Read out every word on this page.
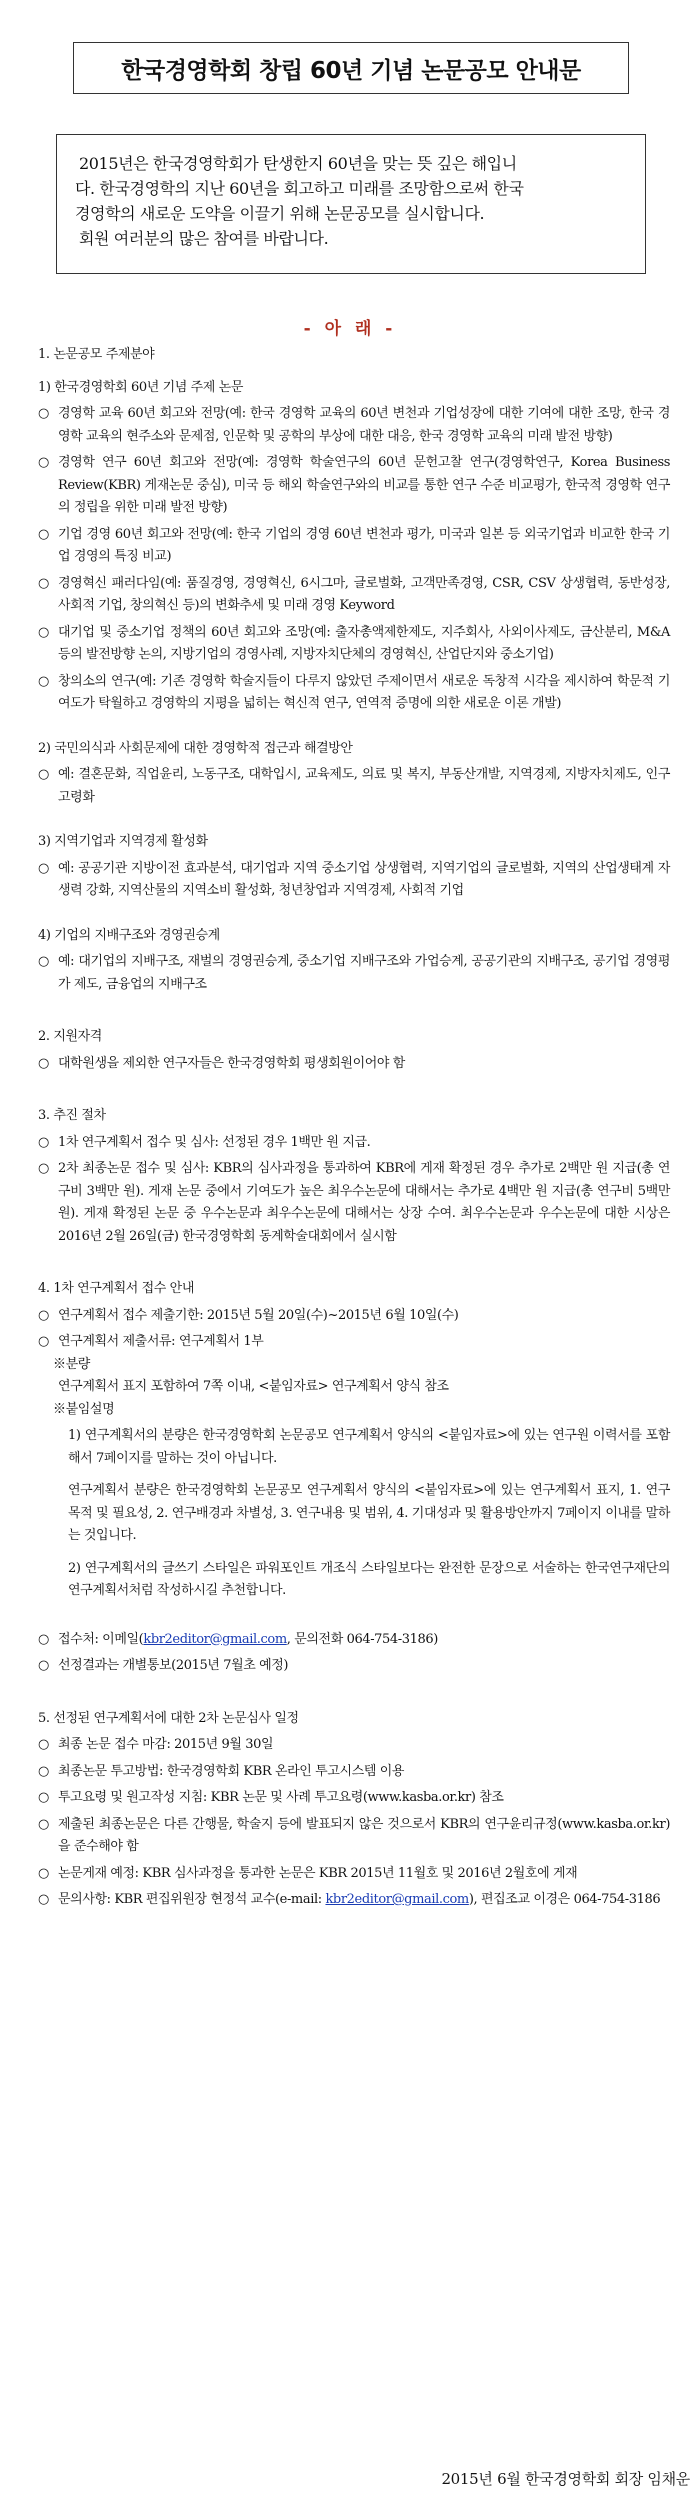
한국경영학회 창립 60년 기념 논문공모 안내문

2015년은 한국경영학회가 탄생한지 60년을 맞는 뜻 깊은 해입니

다. 한국경영학의 지난 60년을 회고하고 미래를 조망함으로써 한국

경영학의 새로운 도약을 이끌기 위해 논문공모를 실시합니다.

회원 여러분의 많은 참여를 바랍니다.

- 아 래 -

1. 논문공모 주제분야

1) 한국경영학회 60년 기념 주제 논문

○ 경영학 교육 60년 회고와 전망(예: 한국 경영학 교육의 60년 변천과 기업성장에 대한 기여에 대한 조망, 한국 경영학 교육의 현주소와 문제점, 인문학 및 공학의 부상에 대한 대응, 한국 경영학 교육의 미래 발전 방향)
○ 경영학 연구 60년 회고와 전망(예: 경영학 학술연구의 60년 문헌고찰 연구(경영학연구, Korea Business Review(KBR) 게재논문 중심), 미국 등 해외 학술연구와의 비교를 통한 연구 수준 비교평가, 한국적 경영학 연구의 정립을 위한 미래 발전 방향)
○ 기업 경영 60년 회고와 전망(예: 한국 기업의 경영 60년 변천과 평가, 미국과 일본 등 외국기업과 비교한 한국 기업 경영의 특징 비교)
○ 경영혁신 패러다임(예: 품질경영, 경영혁신, 6시그마, 글로벌화, 고객만족경영, CSR, CSV 상생협력, 동반성장, 사회적 기업, 창의혁신 등)의 변화추세 및 미래 경영 Keyword
○ 대기업 및 중소기업 정책의 60년 회고와 조망(예: 출자총액제한제도, 지주회사, 사외이사제도, 금산분리, M&A 등의 발전방향 논의, 지방기업의 경영사례, 지방자치단체의 경영혁신, 산업단지와 중소기업)
○ 창의소의 연구(예: 기존 경영학 학술지들이 다루지 않았던 주제이면서 새로운 독창적 시각을 제시하여 학문적 기여도가 탁월하고 경영학의 지평을 넓히는 혁신적 연구, 연역적 증명에 의한 새로운 이론 개발)

2) 국민의식과 사회문제에 대한 경영학적 접근과 해결방안

○ 예: 결혼문화, 직업윤리, 노동구조, 대학입시, 교육제도, 의료 및 복지, 부동산개발, 지역경제, 지방자치제도, 인구고령화

3) 지역기업과 지역경제 활성화

○ 예: 공공기관 지방이전 효과분석, 대기업과 지역 중소기업 상생협력, 지역기업의 글로벌화, 지역의 산업생태계 자생력 강화, 지역산물의 지역소비 활성화, 청년창업과 지역경제, 사회적 기업

4) 기업의 지배구조와 경영권승계

○ 예: 대기업의 지배구조, 재벌의 경영권승계, 중소기업 지배구조와 가업승계, 공공기관의 지배구조, 공기업 경영평가 제도, 금융업의 지배구조

2. 지원자격

○ 대학원생을 제외한 연구자들은 한국경영학회 평생회원이어야 함

3. 추진 절차

○ 1차 연구계획서 접수 및 심사: 선정된 경우 1백만 원 지급.
○ 2차 최종논문 접수 및 심사: KBR의 심사과정을 통과하여 KBR에 게재 확정된 경우 추가로 2백만 원 지급(총 연구비 3백만 원). 게재 논문 중에서 기여도가 높은 최우수논문에 대해서는 추가로 4백만 원 지급(총 연구비 5백만 원). 게재 확정된 논문 중 우수논문과 최우수논문에 대해서는 상장 수여. 최우수논문과 우수논문에 대한 시상은 2016년 2월 26일(금) 한국경영학회 동계학술대회에서 실시함

4. 1차 연구계획서 접수 안내

○ 연구계획서 접수 제출기한: 2015년 5월 20일(수)~2015년 6월 10일(수)
○ 연구계획서 제출서류: 연구계획서 1부

※분량

연구계획서 표지 포함하여 7쪽 이내, <붙임자료> 연구계획서 양식 참조

※붙임설명

1) 연구계획서의 분량은 한국경영학회 논문공모 연구계획서 양식의 <붙임자료>에 있는 연구원 이력서를 포함해서 7페이지를 말하는 것이 아닙니다.

연구계획서 분량은 한국경영학회 논문공모 연구계획서 양식의 <붙임자료>에 있는 연구계획서 표지, 1. 연구 목적 및 필요성, 2. 연구배경과 차별성, 3. 연구내용 및 범위, 4. 기대성과 및 활용방안까지 7페이지 이내를 말하는 것입니다.

2) 연구계획서의 글쓰기 스타일은 파워포인트 개조식 스타일보다는 완전한 문장으로 서술하는 한국연구재단의 연구계획서처럼 작성하시길 추천합니다.

○ 접수처: 이메일(kbr2editor@gmail.com, 문의전화 064-754-3186)
○ 선정결과는 개별통보(2015년 7월초 예정)

5. 선정된 연구계획서에 대한 2차 논문심사 일정

○ 최종 논문 접수 마감: 2015년 9월 30일
○ 최종논문 투고방법: 한국경영학회 KBR 온라인 투고시스템 이용
○ 투고요령 및 원고작성 지침: KBR 논문 및 사례 투고요령(www.kasba.or.kr) 참조
○ 제출된 최종논문은 다른 간행물, 학술지 등에 발표되지 않은 것으로서 KBR의 연구윤리규정(www.kasba.or.kr)을 준수해야 함
○ 논문게재 예정: KBR 심사과정을 통과한 논문은 KBR 2015년 11월호 및 2016년 2월호에 게재
○ 문의사항: KBR 편집위원장 현정석 교수(e-mail: kbr2editor@gmail.com), 편집조교 이경은 064-754-3186
2015년 6월 한국경영학회 회장 임채운
